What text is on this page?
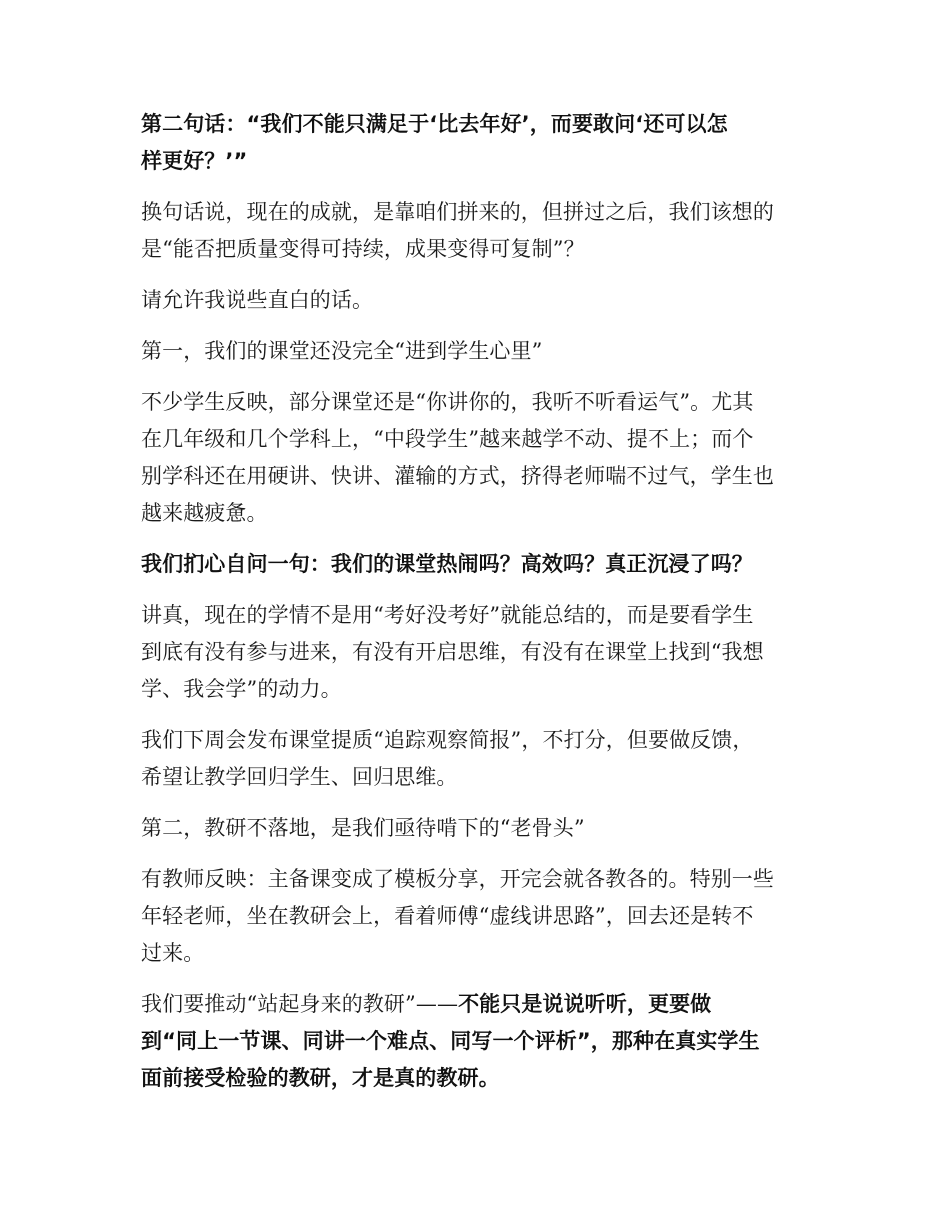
第二句话：“我们不能只满足于‘比去年好’，而要敢问‘还可以怎
样更好？’”

换句话说，现在的成就，是靠咱们拼来的，但拼过之后，我们该想的
是“能否把质量变得可持续，成果变得可复制”？

请允许我说些直白的话。

第一，我们的课堂还没完全“进到学生心里”

不少学生反映，部分课堂还是“你讲你的，我听不听看运气”。尤其
在几年级和几个学科上，“中段学生”越来越学不动、提不上；而个
别学科还在用硬讲、快讲、灌输的方式，挤得老师喘不过气，学生也
越来越疲惫。

我们扪心自问一句：我们的课堂热闹吗？高效吗？真正沉浸了吗？

讲真，现在的学情不是用“考好没考好”就能总结的，而是要看学生
到底有没有参与进来，有没有开启思维，有没有在课堂上找到“我想
学、我会学”的动力。

我们下周会发布课堂提质“追踪观察简报”，不打分，但要做反馈，
希望让教学回归学生、回归思维。

第二，教研不落地，是我们亟待啃下的“老骨头”

有教师反映：主备课变成了模板分享，开完会就各教各的。特别一些
年轻老师，坐在教研会上，看着师傅“虚线讲思路”，回去还是转不
过来。

我们要推动“站起身来的教研”——不能只是说说听听，更要做
到“同上一节课、同讲一个难点、同写一个评析”，那种在真实学生
面前接受检验的教研，才是真的教研。
